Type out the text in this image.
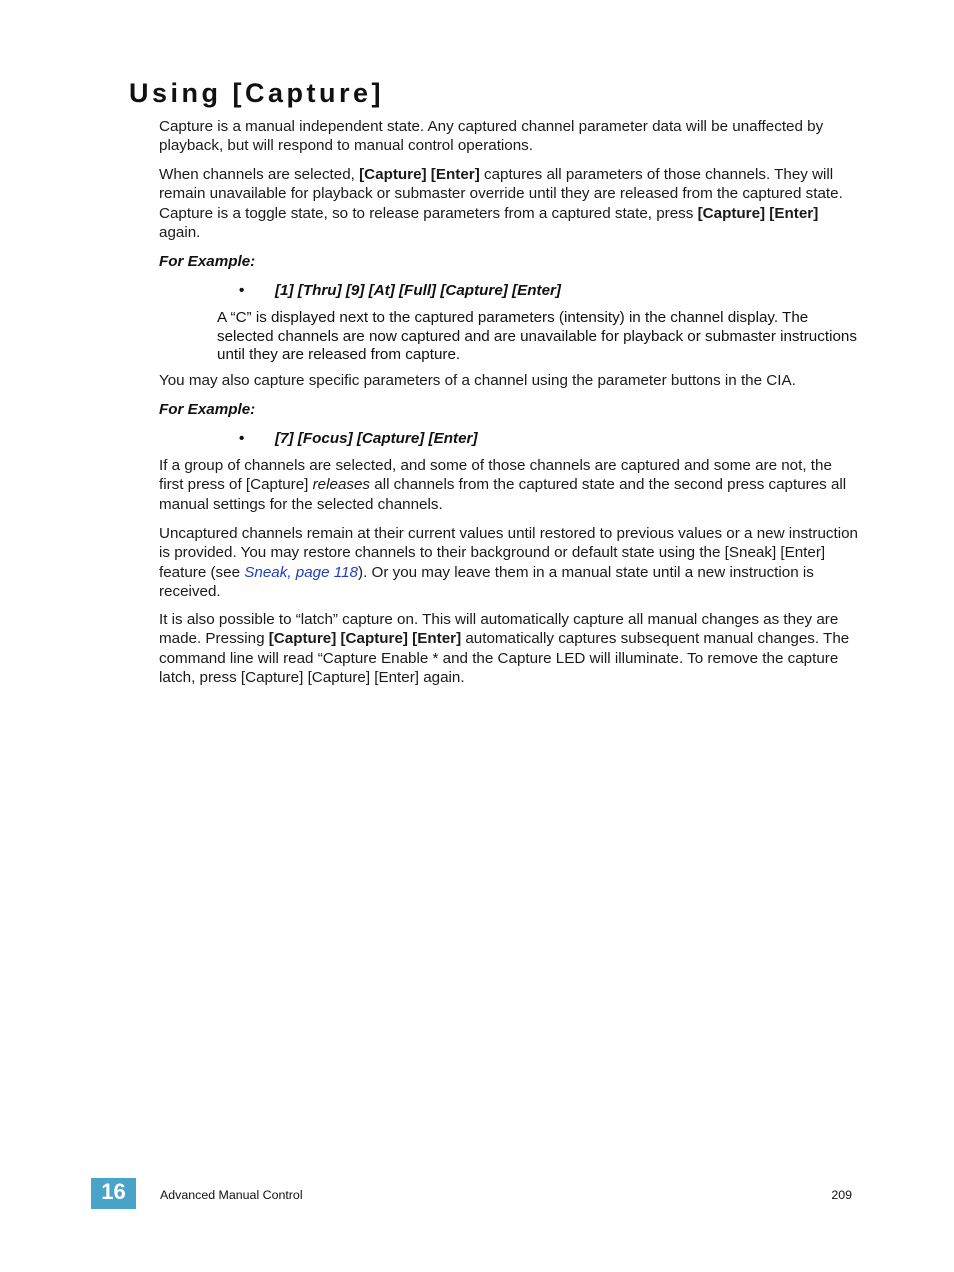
Using [Capture]

Capture is a manual independent state. Any captured channel parameter data will be unaffected by playback, but will respond to manual control operations.

When channels are selected, [Capture] [Enter] captures all parameters of those channels. They will remain unavailable for playback or submaster override until they are released from the captured state. Capture is a toggle state, so to release parameters from a captured state, press [Capture] [Enter] again.

For Example:
• [1] [Thru] [9] [At] [Full] [Capture] [Enter]
A “C” is displayed next to the captured parameters (intensity) in the channel display. The selected channels are now captured and are unavailable for playback or submaster instructions until they are released from capture.

You may also capture specific parameters of a channel using the parameter buttons in the CIA.

For Example:
• [7] [Focus] [Capture] [Enter]

If a group of channels are selected, and some of those channels are captured and some are not, the first press of [Capture] releases all channels from the captured state and the second press captures all manual settings for the selected channels.

Uncaptured channels remain at their current values until restored to previous values or a new instruction is provided. You may restore channels to their background or default state using the [Sneak] [Enter] feature (see Sneak, page 118). Or you may leave them in a manual state until a new instruction is received.

It is also possible to “latch” capture on. This will automatically capture all manual changes as they are made. Pressing [Capture] [Capture] [Enter] automatically captures subsequent manual changes. The command line will read “Capture Enable * and the Capture LED will illuminate. To remove the capture latch, press [Capture] [Capture] [Enter] again.

16	Advanced Manual Control	209
